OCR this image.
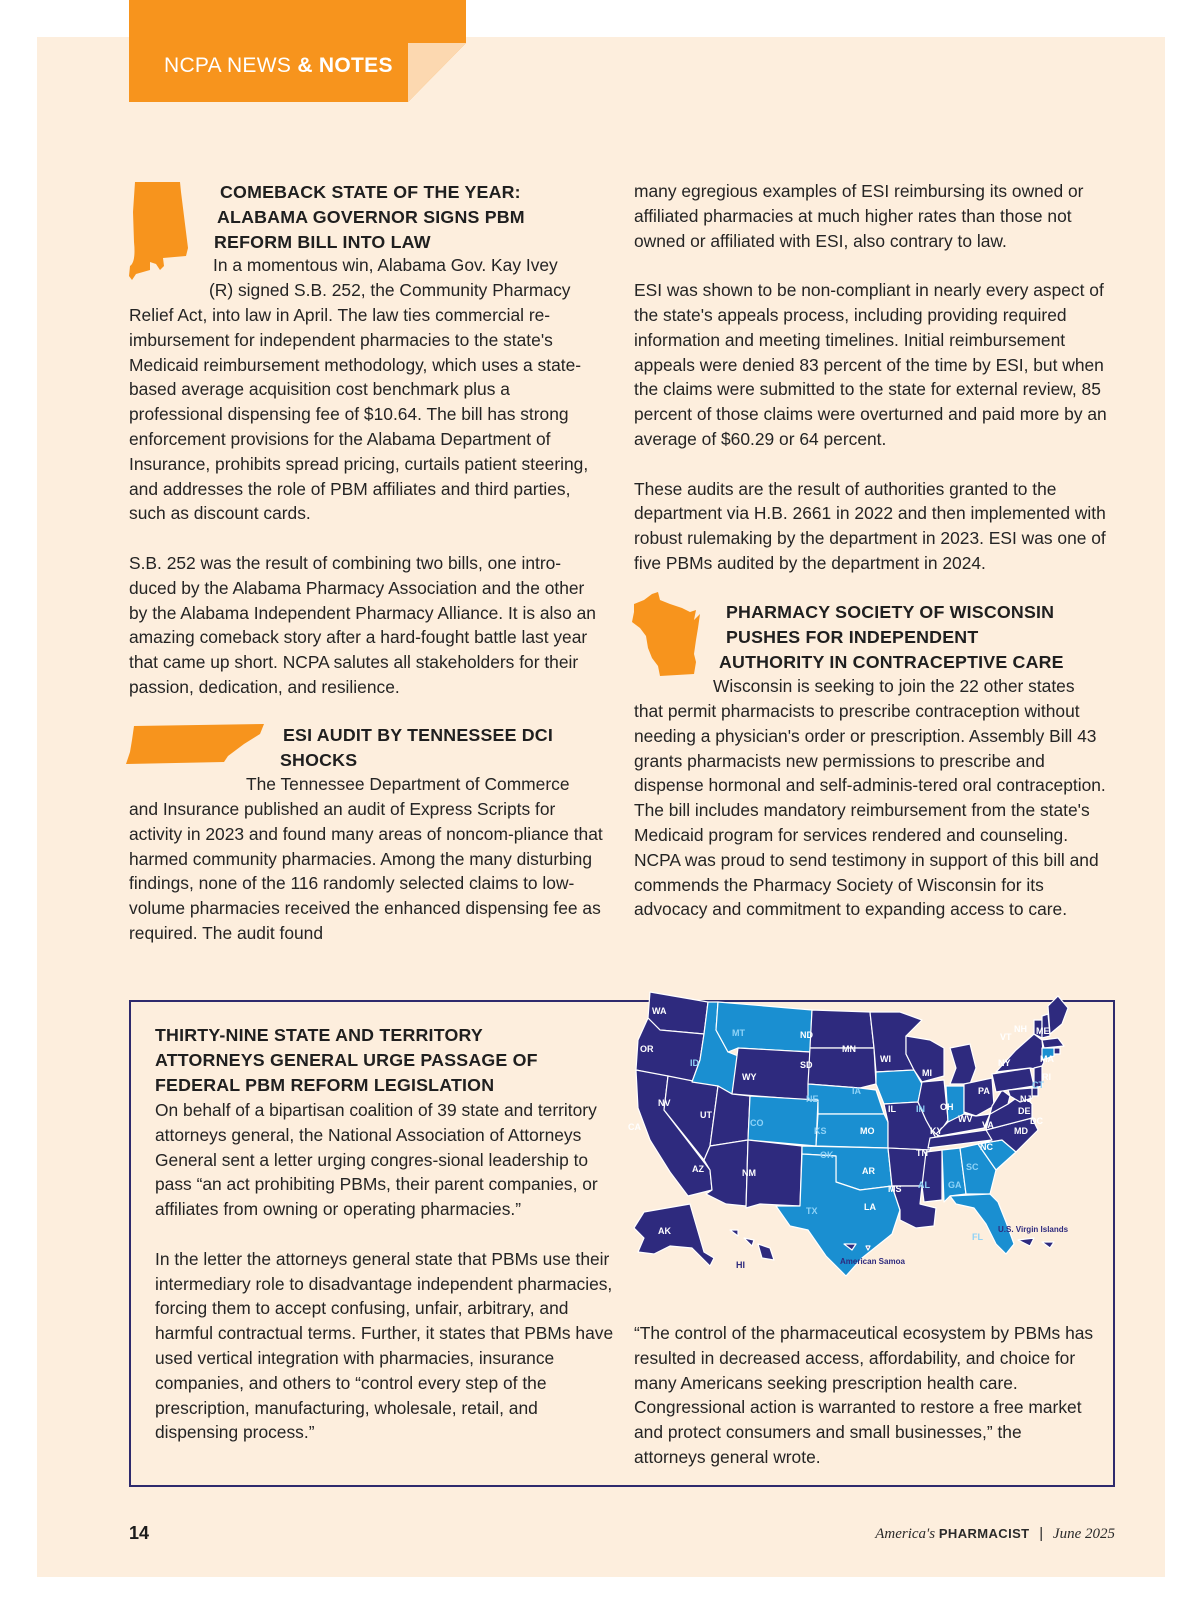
NCPA NEWS & NOTES
COMEBACK STATE OF THE YEAR:
ALABAMA GOVERNOR SIGNS PBM
REFORM BILL INTO LAW
In a momentous win, Alabama Gov. Kay Ivey
(R) signed S.B. 252, the Community Pharmacy

Relief Act, into law in April. The law ties commercial re-imbursement for independent pharmacies to the state's Medicaid reimbursement methodology, which uses a state-based average acquisition cost benchmark plus a professional dispensing fee of $10.64. The bill has strong enforcement provisions for the Alabama Department of Insurance, prohibits spread pricing, curtails patient steering, and addresses the role of PBM affiliates and third parties, such as discount cards.

S.B. 252 was the result of combining two bills, one intro-duced by the Alabama Pharmacy Association and the other by the Alabama Independent Pharmacy Alliance. It is also an amazing comeback story after a hard-fought battle last year that came up short. NCPA salutes all stakeholders for their passion, dedication, and resilience.

ESI AUDIT BY TENNESSEE DCI
SHOCKS
The Tennessee Department of Commerce

and Insurance published an audit of Express Scripts for activity in 2023 and found many areas of noncom-pliance that harmed community pharmacies. Among the many disturbing findings, none of the 116 randomly selected claims to low-volume pharmacies received the enhanced dispensing fee as required. The audit found

many egregious examples of ESI reimbursing its owned or affiliated pharmacies at much higher rates than those not owned or affiliated with ESI, also contrary to law.

ESI was shown to be non-compliant in nearly every aspect of the state's appeals process, including providing required information and meeting timelines. Initial reimbursement appeals were denied 83 percent of the time by ESI, but when the claims were submitted to the state for external review, 85 percent of those claims were overturned and paid more by an average of $60.29 or 64 percent.

These audits are the result of authorities granted to the department via H.B. 2661 in 2022 and then implemented with robust rulemaking by the department in 2023. ESI was one of five PBMs audited by the department in 2024.

PHARMACY SOCIETY OF WISCONSIN
PUSHES FOR INDEPENDENT
AUTHORITY IN CONTRACEPTIVE CARE
Wisconsin is seeking to join the 22 other states

that permit pharmacists to prescribe contraception without needing a physician's order or prescription. Assembly Bill 43 grants pharmacists new permissions to prescribe and dispense hormonal and self-adminis-tered oral contraception. The bill includes mandatory reimbursement from the state's Medicaid program for services rendered and counseling. NCPA was proud to send testimony in support of this bill and commends the Pharmacy Society of Wisconsin for its advocacy and commitment to expanding access to care.

THIRTY-NINE STATE AND TERRITORY
ATTORNEYS GENERAL URGE PASSAGE OF
FEDERAL PBM REFORM LEGISLATION

On behalf of a bipartisan coalition of 39 state and territory attorneys general, the National Association of Attorneys General sent a letter urging congres-sional leadership to pass “an act prohibiting PBMs, their parent companies, or affiliates from owning or operating pharmacies.”

In the letter the attorneys general state that PBMs use their intermediary role to disadvantage independent pharmacies, forcing them to accept confusing, unfair, arbitrary, and harmful contractual terms. Further, it states that PBMs have used vertical integration with pharmacies, insurance companies, and others to “control every step of the prescription, manufacturing, wholesale, retail, and dispensing process.”

“The control of the pharmaceutical ecosystem by PBMs has resulted in decreased access, affordability, and choice for many Americans seeking prescription health care. Congressional action is warranted to restore a free market and protect consumers and small businesses,” the attorneys general wrote.

WA
OR
CA
NV
ID
MT
WY
UT
AZ
CO
NM
ND
SD
NE
KS
OK
TX
MN
IA
MO
AR
LA
WI
IL
MI
IN OH
KY
TN
MS AL GA
FL
SC
NC
VA
WV
PA
NY
VT
NH ME
MA
RI
CT
NJ
DE
MD
DC
AK
HI
U.S. Virgin Islands
American Samoa
14	America's PHARMACIST | June 2025
